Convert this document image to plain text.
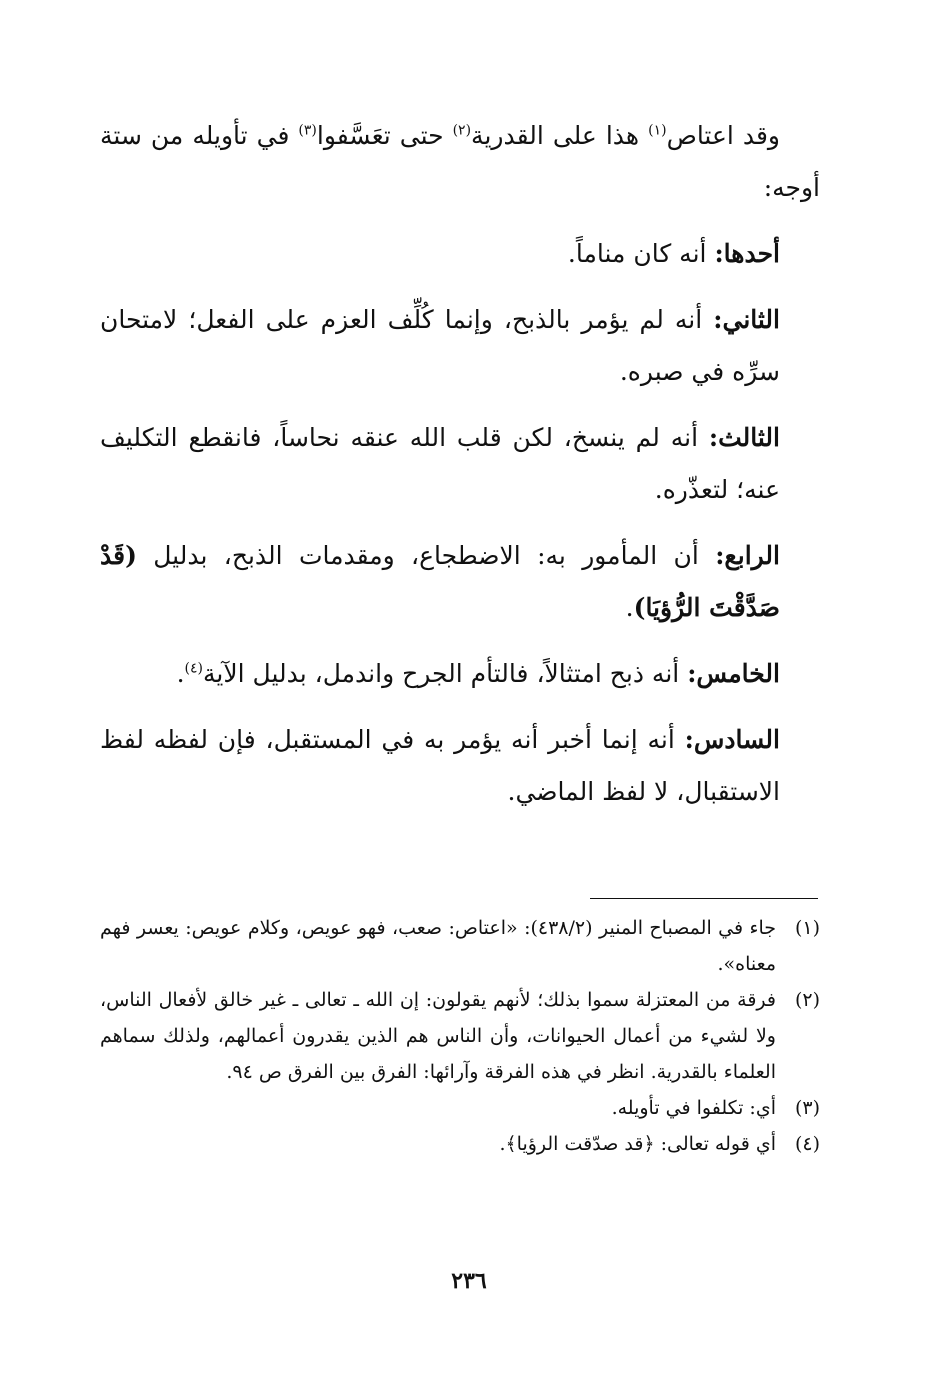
وقد اعتاص$^{(١)}$ هذا على القدرية$^{(٢)}$ حتى تعَسَّفوا$^{(٣)}$ في تأويله من ستة أوجه:

أحدها: أنه كان مناماً.

الثاني: أنه لم يؤمر بالذبح، وإنما كُلِّف العزم على الفعل؛ لامتحان سرِّه في صبره.

الثالث: أنه لم ينسخ، لكن قلب الله عنقه نحاساً، فانقطع التكليف عنه؛ لتعذّره.

الرابع: أن المأمور به: الاضطجاع، ومقدمات الذبح، بدليل (قَدْ صَدَّقْتَ الرُّؤيَا).

الخامس: أنه ذبح امتثالاً، فالتأم الجرح واندمل، بدليل الآية$^{(٤)}$.

السادس: أنه إنما أخبر أنه يؤمر به في المستقبل، فإن لفظه لفظ الاستقبال، لا لفظ الماضي.

(١)
جاء في المصباح المنير (٤٣٨/٢): «اعتاص: صعب، فهو عويص، وكلام عويص: يعسر فهم معناه».
(٢)
فرقة من المعتزلة سموا بذلك؛ لأنهم يقولون: إن الله ـ تعالى ـ غير خالق لأفعال الناس، ولا لشيء من أعمال الحيوانات، وأن الناس هم الذين يقدرون أعمالهم، ولذلك سماهم العلماء بالقدرية. انظر في هذه الفرقة وآرائها: الفرق بين الفرق ص ٩٤.
(٣)
أي: تكلفوا في تأويله.
(٤)
أي قوله تعالى: ﴿قد صدّقت الرؤيا﴾.
٢٣٦
